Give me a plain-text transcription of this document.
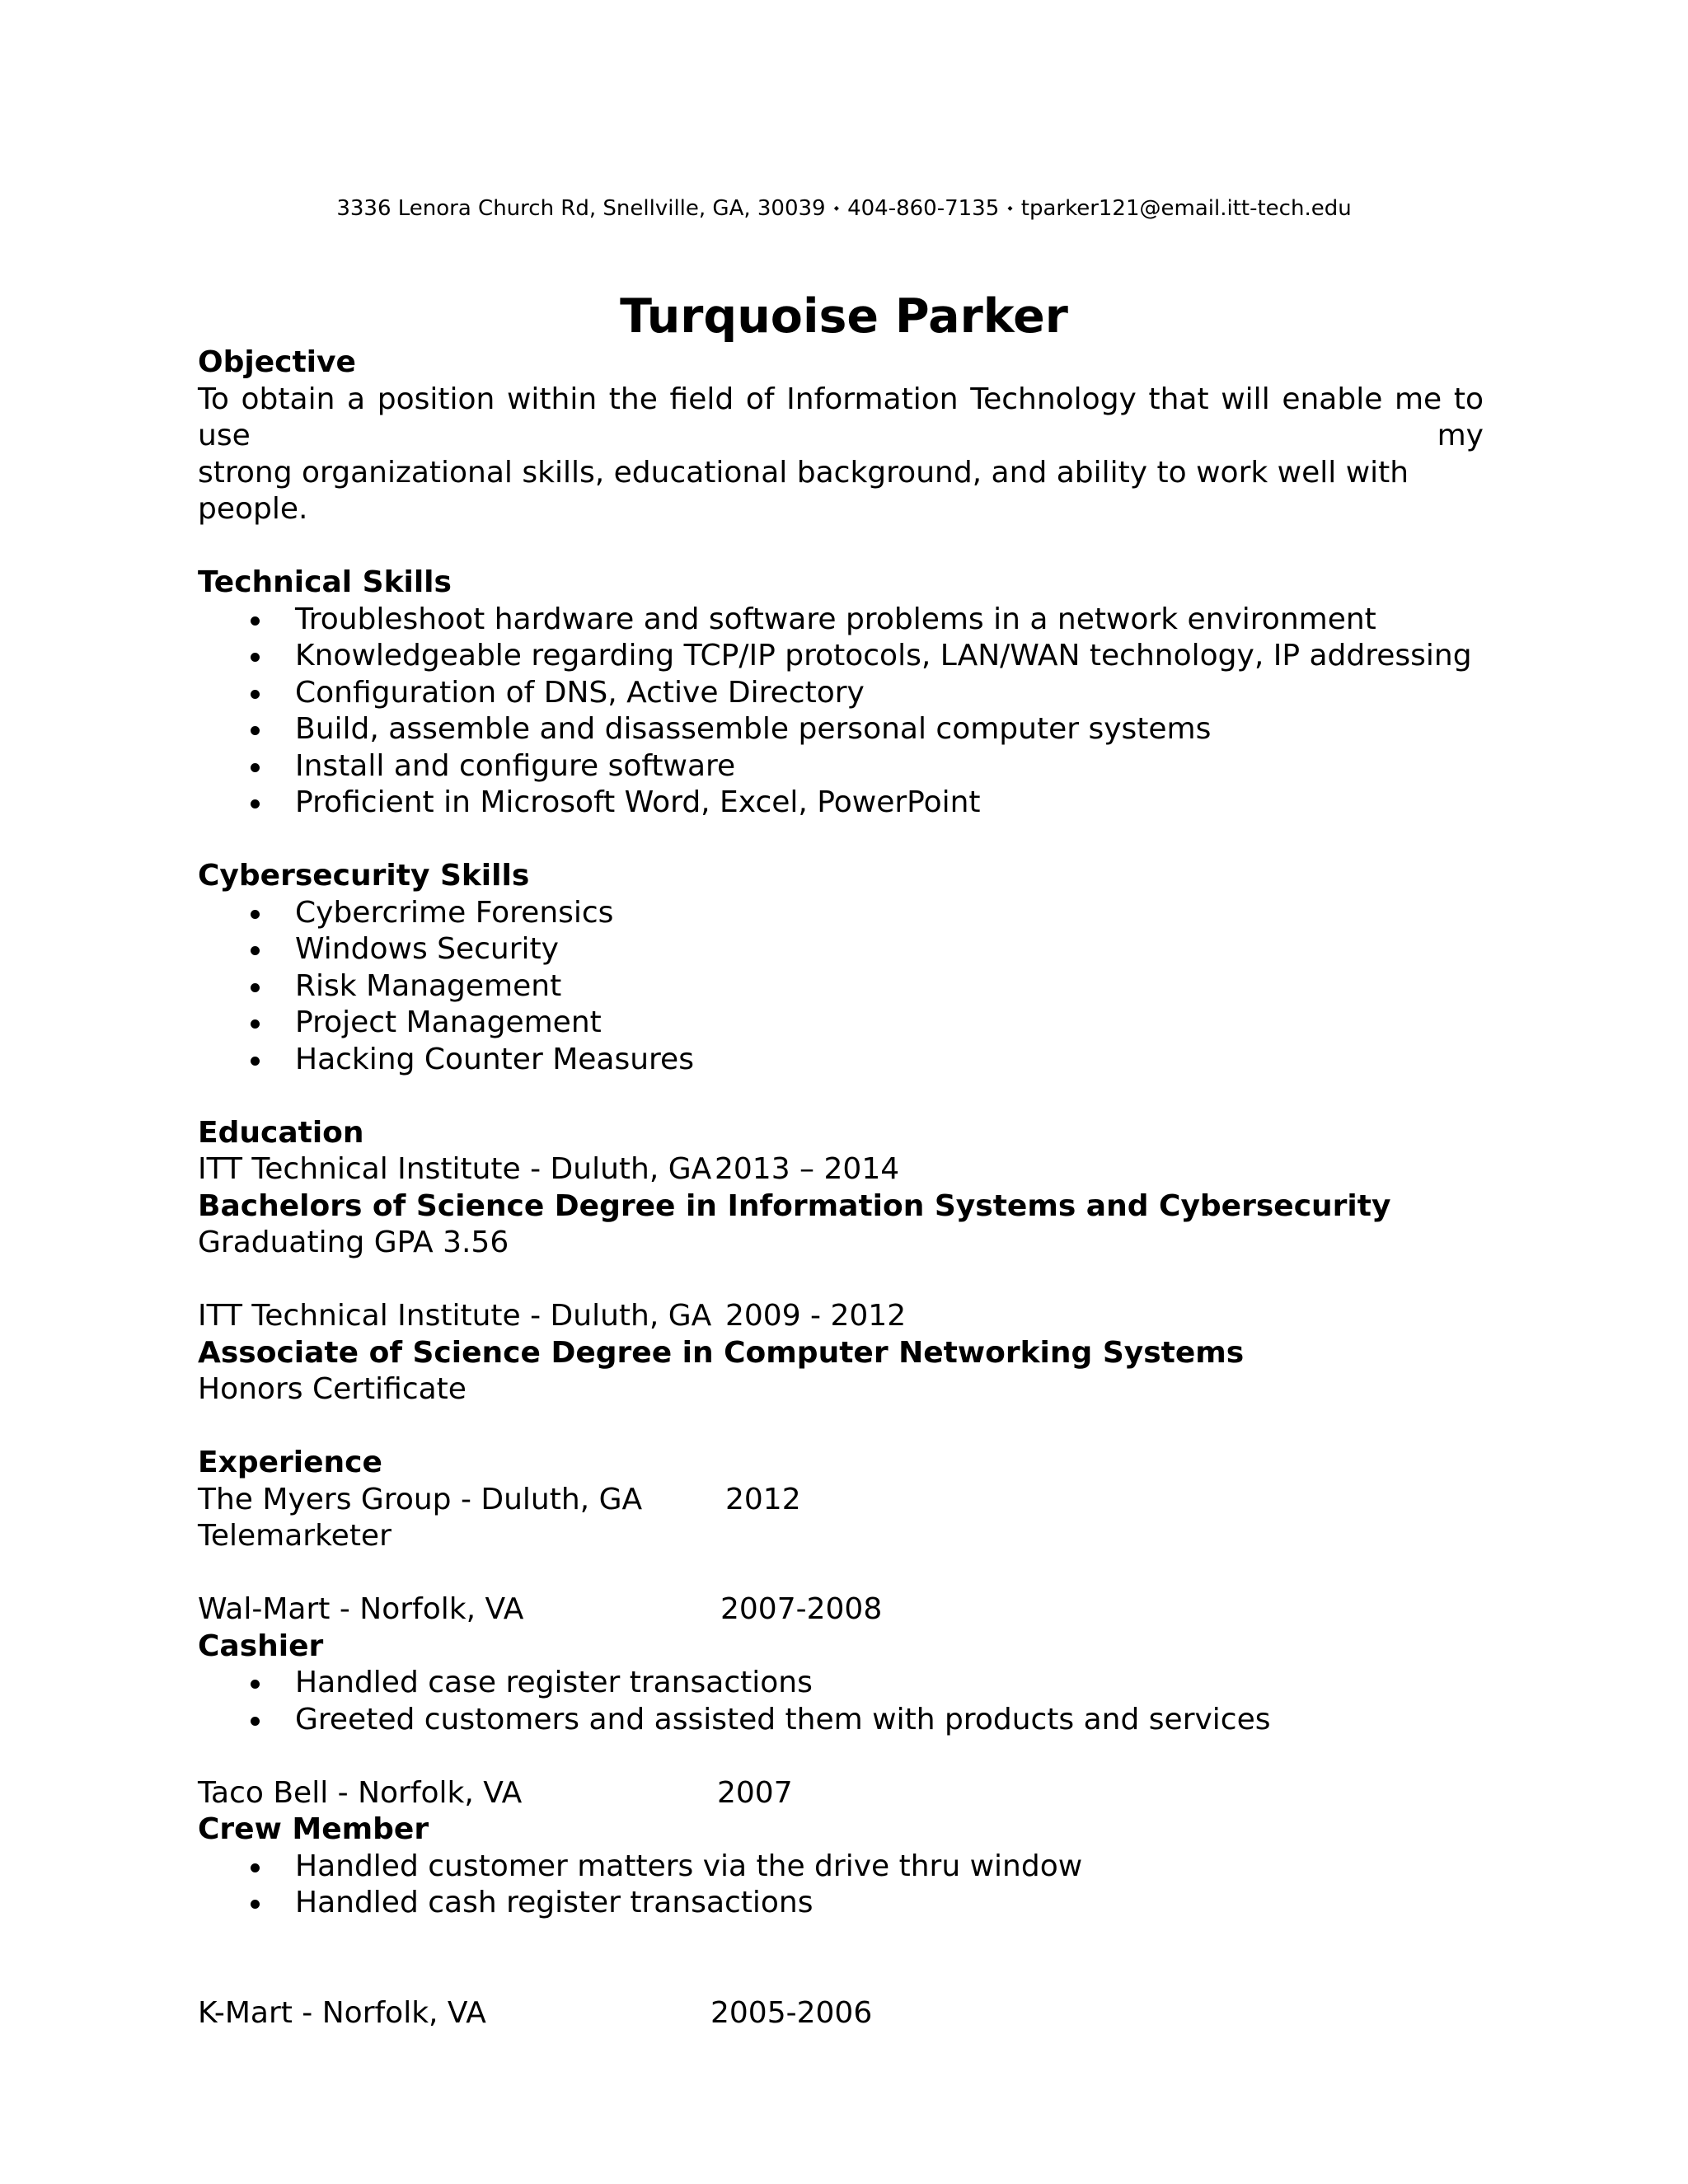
3336 Lenora Church Rd, Snellville, GA, 30039 ⬩ 404-860-7135 ⬩ tparker121@email.itt-tech.edu
Turquoise Parker
Objective
To obtain a position within the field of Information Technology that will enable me to use my
strong organizational skills, educational background, and ability to work well with people.
Technical Skills
Troubleshoot hardware and software problems in a network environment
Knowledgeable regarding TCP/IP protocols, LAN/WAN technology, IP addressing
Configuration of DNS, Active Directory
Build, assemble and disassemble personal computer systems
Install and configure software
Proficient in Microsoft Word, Excel, PowerPoint
Cybersecurity Skills
Cybercrime Forensics
Windows Security
Risk Management
Project Management
Hacking Counter Measures
Education
ITT Technical Institute - Duluth, GA 2013 – 2014
Bachelors of Science Degree in Information Systems and Cybersecurity
Graduating GPA 3.56
ITT Technical Institute - Duluth, GA 2009 - 2012
Associate of Science Degree in Computer Networking Systems
Honors Certificate
Experience
The Myers Group - Duluth, GA	2012
Telemarketer
Wal-Mart - Norfolk, VA	2007-2008
Cashier
Handled case register transactions
Greeted customers and assisted them with products and services
Taco Bell - Norfolk, VA	2007
Crew Member
Handled customer matters via the drive thru window
Handled cash register transactions
K-Mart - Norfolk, VA	2005-2006
